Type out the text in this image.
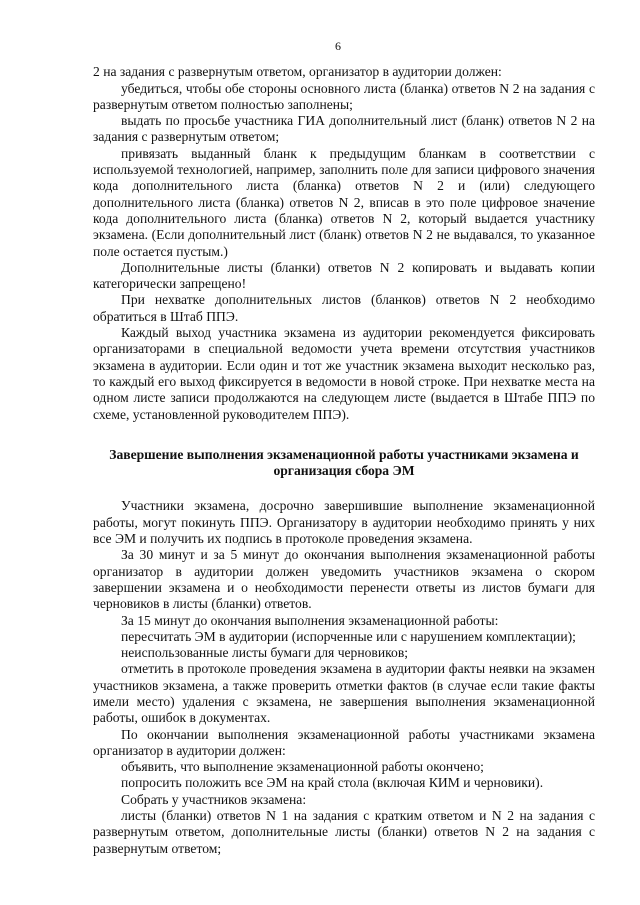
6

2 на задания с развернутым ответом, организатор в аудитории должен:

убедиться, чтобы обе стороны основного листа (бланка) ответов N 2 на задания с развернутым ответом полностью заполнены;

выдать по просьбе участника ГИА дополнительный лист (бланк) ответов N 2 на задания с развернутым ответом;

привязать выданный бланк к предыдущим бланкам в соответствии с используемой технологией, например, заполнить поле для записи цифрового значения кода дополнительного листа (бланка) ответов N 2 и (или) следующего дополнительного листа (бланка) ответов N 2, вписав в это поле цифровое значение кода дополнительного листа (бланка) ответов N 2, который выдается участнику экзамена. (Если дополнительный лист (бланк) ответов N 2 не выдавался, то указанное поле остается пустым.)

Дополнительные листы (бланки) ответов N 2 копировать и выдавать копии категорически запрещено!

При нехватке дополнительных листов (бланков) ответов N 2 необходимо обратиться в Штаб ППЭ.

Каждый выход участника экзамена из аудитории рекомендуется фиксировать организаторами в специальной ведомости учета времени отсутствия участников экзамена в аудитории. Если один и тот же участник экзамена выходит несколько раз, то каждый его выход фиксируется в ведомости в новой строке. При нехватке места на одном листе записи продолжаются на следующем листе (выдается в Штабе ППЭ по схеме, установленной руководителем ППЭ).

Завершение выполнения экзаменационной работы участниками экзамена и организация сбора ЭМ

Участники экзамена, досрочно завершившие выполнение экзаменационной работы, могут покинуть ППЭ. Организатору в аудитории необходимо принять у них все ЭМ и получить их подпись в протоколе проведения экзамена.

За 30 минут и за 5 минут до окончания выполнения экзаменационной работы организатор в аудитории должен уведомить участников экзамена о скором завершении экзамена и о необходимости перенести ответы из листов бумаги для черновиков в листы (бланки) ответов.

За 15 минут до окончания выполнения экзаменационной работы:

пересчитать ЭМ в аудитории (испорченные или с нарушением комплектации);

неиспользованные листы бумаги для черновиков;

отметить в протоколе проведения экзамена в аудитории факты неявки на экзамен участников экзамена, а также проверить отметки фактов (в случае если такие факты имели место) удаления с экзамена, не завершения выполнения экзаменационной работы, ошибок в документах.

По окончании выполнения экзаменационной работы участниками экзамена организатор в аудитории должен:

объявить, что выполнение экзаменационной работы окончено;

попросить положить все ЭМ на край стола (включая КИМ и черновики).

Собрать у участников экзамена:

листы (бланки) ответов N 1 на задания с кратким ответом и N 2 на задания с развернутым ответом, дополнительные листы (бланки) ответов N 2 на задания с развернутым ответом;
